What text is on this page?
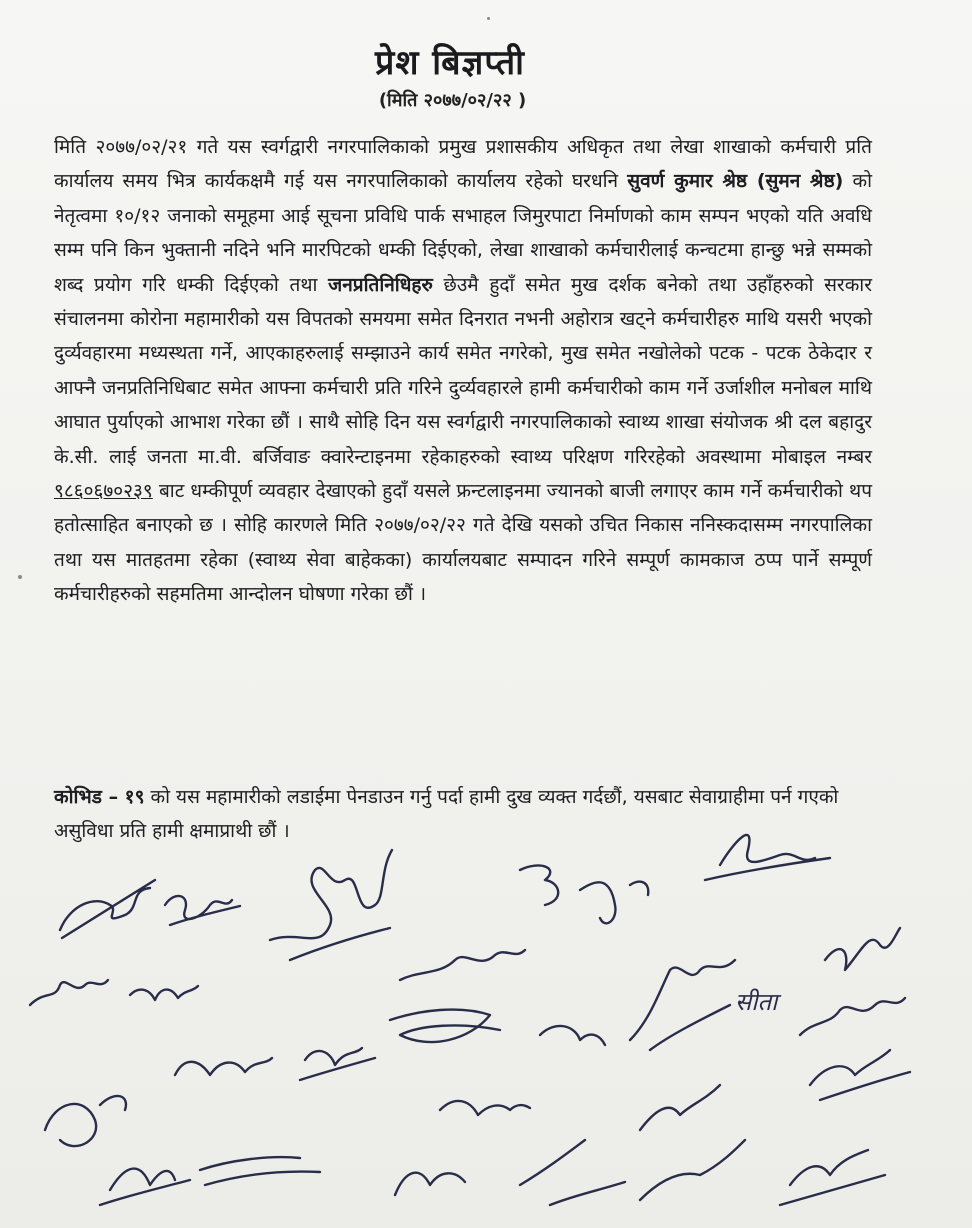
प्रेश बिज्ञप्ती
(मिति २०७७/०२/२२ )

मिति २०७७/०२/२१ गते यस स्वर्गद्वारी नगरपालिकाको प्रमुख प्रशासकीय अधिकृत तथा लेखा शाखाको कर्मचारी प्रति कार्यालय समय भित्र कार्यकक्षमै गई यस नगरपालिकाको कार्यालय रहेको घरधनि सुवर्ण कुमार श्रेष्ठ (सुमन श्रेष्ठ) को नेतृत्वमा १०/१२ जनाको समूहमा आई सूचना प्रविधि पार्क सभाहल जिमुरपाटा निर्माणको काम सम्पन भएको यति अवधि सम्म पनि किन भुक्तानी नदिने भनि मारपिटको धम्की दिईएको, लेखा शाखाको कर्मचारीलाई कन्चटमा हान्छु भन्ने सम्मको शब्द प्रयोग गरि धम्की दिईएको तथा जनप्रतिनिधिहरु छेउमै हुदाँ समेत मुख दर्शक बनेको तथा उहाँहरुको सरकार संचालनमा कोरोना महामारीको यस विपतको समयमा समेत दिनरात नभनी अहोरात्र खट्ने कर्मचारीहरु माथि यसरी भएको दुर्व्यवहारमा मध्यस्थता गर्ने, आएकाहरुलाई सम्झाउने कार्य समेत नगरेको, मुख समेत नखोलेको पटक - पटक ठेकेदार र आफ्नै जनप्रतिनिधिबाट समेत आफ्ना कर्मचारी प्रति गरिने दुर्व्यवहारले हामी कर्मचारीको काम गर्ने उर्जाशील मनोबल माथि आघात पुर्याएको आभाश गरेका छौं । साथै सोहि दिन यस स्वर्गद्वारी नगरपालिकाको स्वाथ्य शाखा संयोजक श्री दल बहादुर के.सी. लाई जनता मा.वी. बर्जिवाङ क्वारेन्टाइनमा रहेकाहरुको स्वाथ्य परिक्षण गरिरहेको अवस्थामा मोबाइल नम्बर ९८६०६७०२३९ बाट धम्कीपूर्ण व्यवहार देखाएको हुदाँ यसले फ्रन्टलाइनमा ज्यानको बाजी लगाएर काम गर्ने कर्मचारीको थप हतोत्साहित बनाएको छ । सोहि कारणले मिति २०७७/०२/२२ गते देखि यसको उचित निकास ननिस्कदासम्म नगरपालिका तथा यस मातहतमा रहेका (स्वाथ्य सेवा बाहेकका) कार्यालयबाट सम्पादन गरिने सम्पूर्ण कामकाज ठप्प पार्ने सम्पूर्ण कर्मचारीहरुको सहमतिमा आन्दोलन घोषणा गरेका छौं ।

कोभिड – १९ को यस महामारीको लडाईमा पेनडाउन गर्नु पर्दा हामी दुख व्यक्त गर्दछौं, यसबाट सेवाग्राहीमा पर्न गएको असुविधा प्रति हामी क्षमाप्राथी छौं ।

सीता
